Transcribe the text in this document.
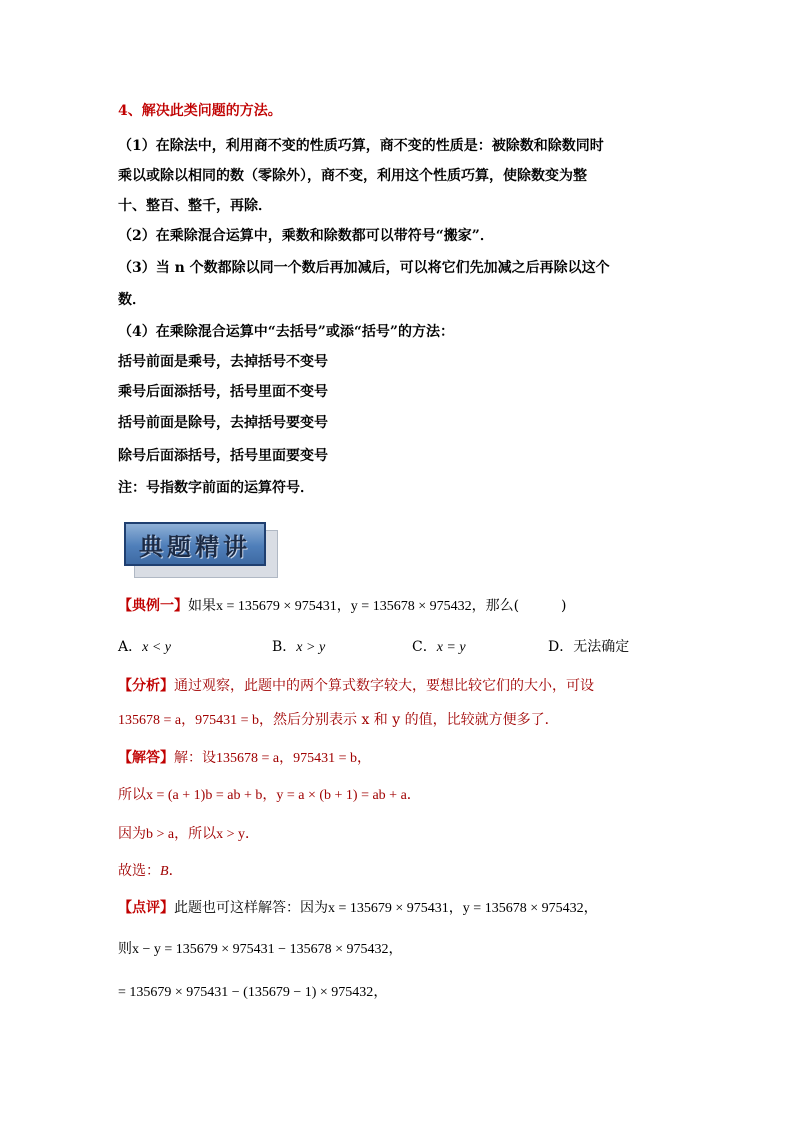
4、解决此类问题的方法。
（1）在除法中，利用商不变的性质巧算，商不变的性质是：被除数和除数同时
乘以或除以相同的数（零除外），商不变，利用这个性质巧算，使除数变为整
十、整百、整千，再除．
（2）在乘除混合运算中，乘数和除数都可以带符号“搬家”．
（3）当 n 个数都除以同一个数后再加减后，可以将它们先加减之后再除以这个
数．
（4）在乘除混合运算中“去括号”或添“括号”的方法：
括号前面是乘号，去掉括号不变号
乘号后面添括号，括号里面不变号
括号前面是除号，去掉括号要变号
除号后面添括号，括号里面要变号
注：号指数字前面的运算符号．
典题精讲
【典例一】如果x = 135679 × 975431，y = 135678 × 975432，那么(　　　)
A．x < y	B．x > y	C．x = y	D．无法确定
【分析】通过观察，此题中的两个算式数字较大，要想比较它们的大小，可设
135678 = a，975431 = b，然后分别表示 x 和 y 的值，比较就方便多了．
【解答】解：设135678 = a，975431 = b，
所以x = (a + 1)b = ab + b，y = a × (b + 1) = ab + a．
因为b > a，所以x > y．
故选：B．
【点评】此题也可这样解答：因为x = 135679 × 975431，y = 135678 × 975432，
则x − y = 135679 × 975431 − 135678 × 975432，
= 135679 × 975431 − (135679 − 1) × 975432，
